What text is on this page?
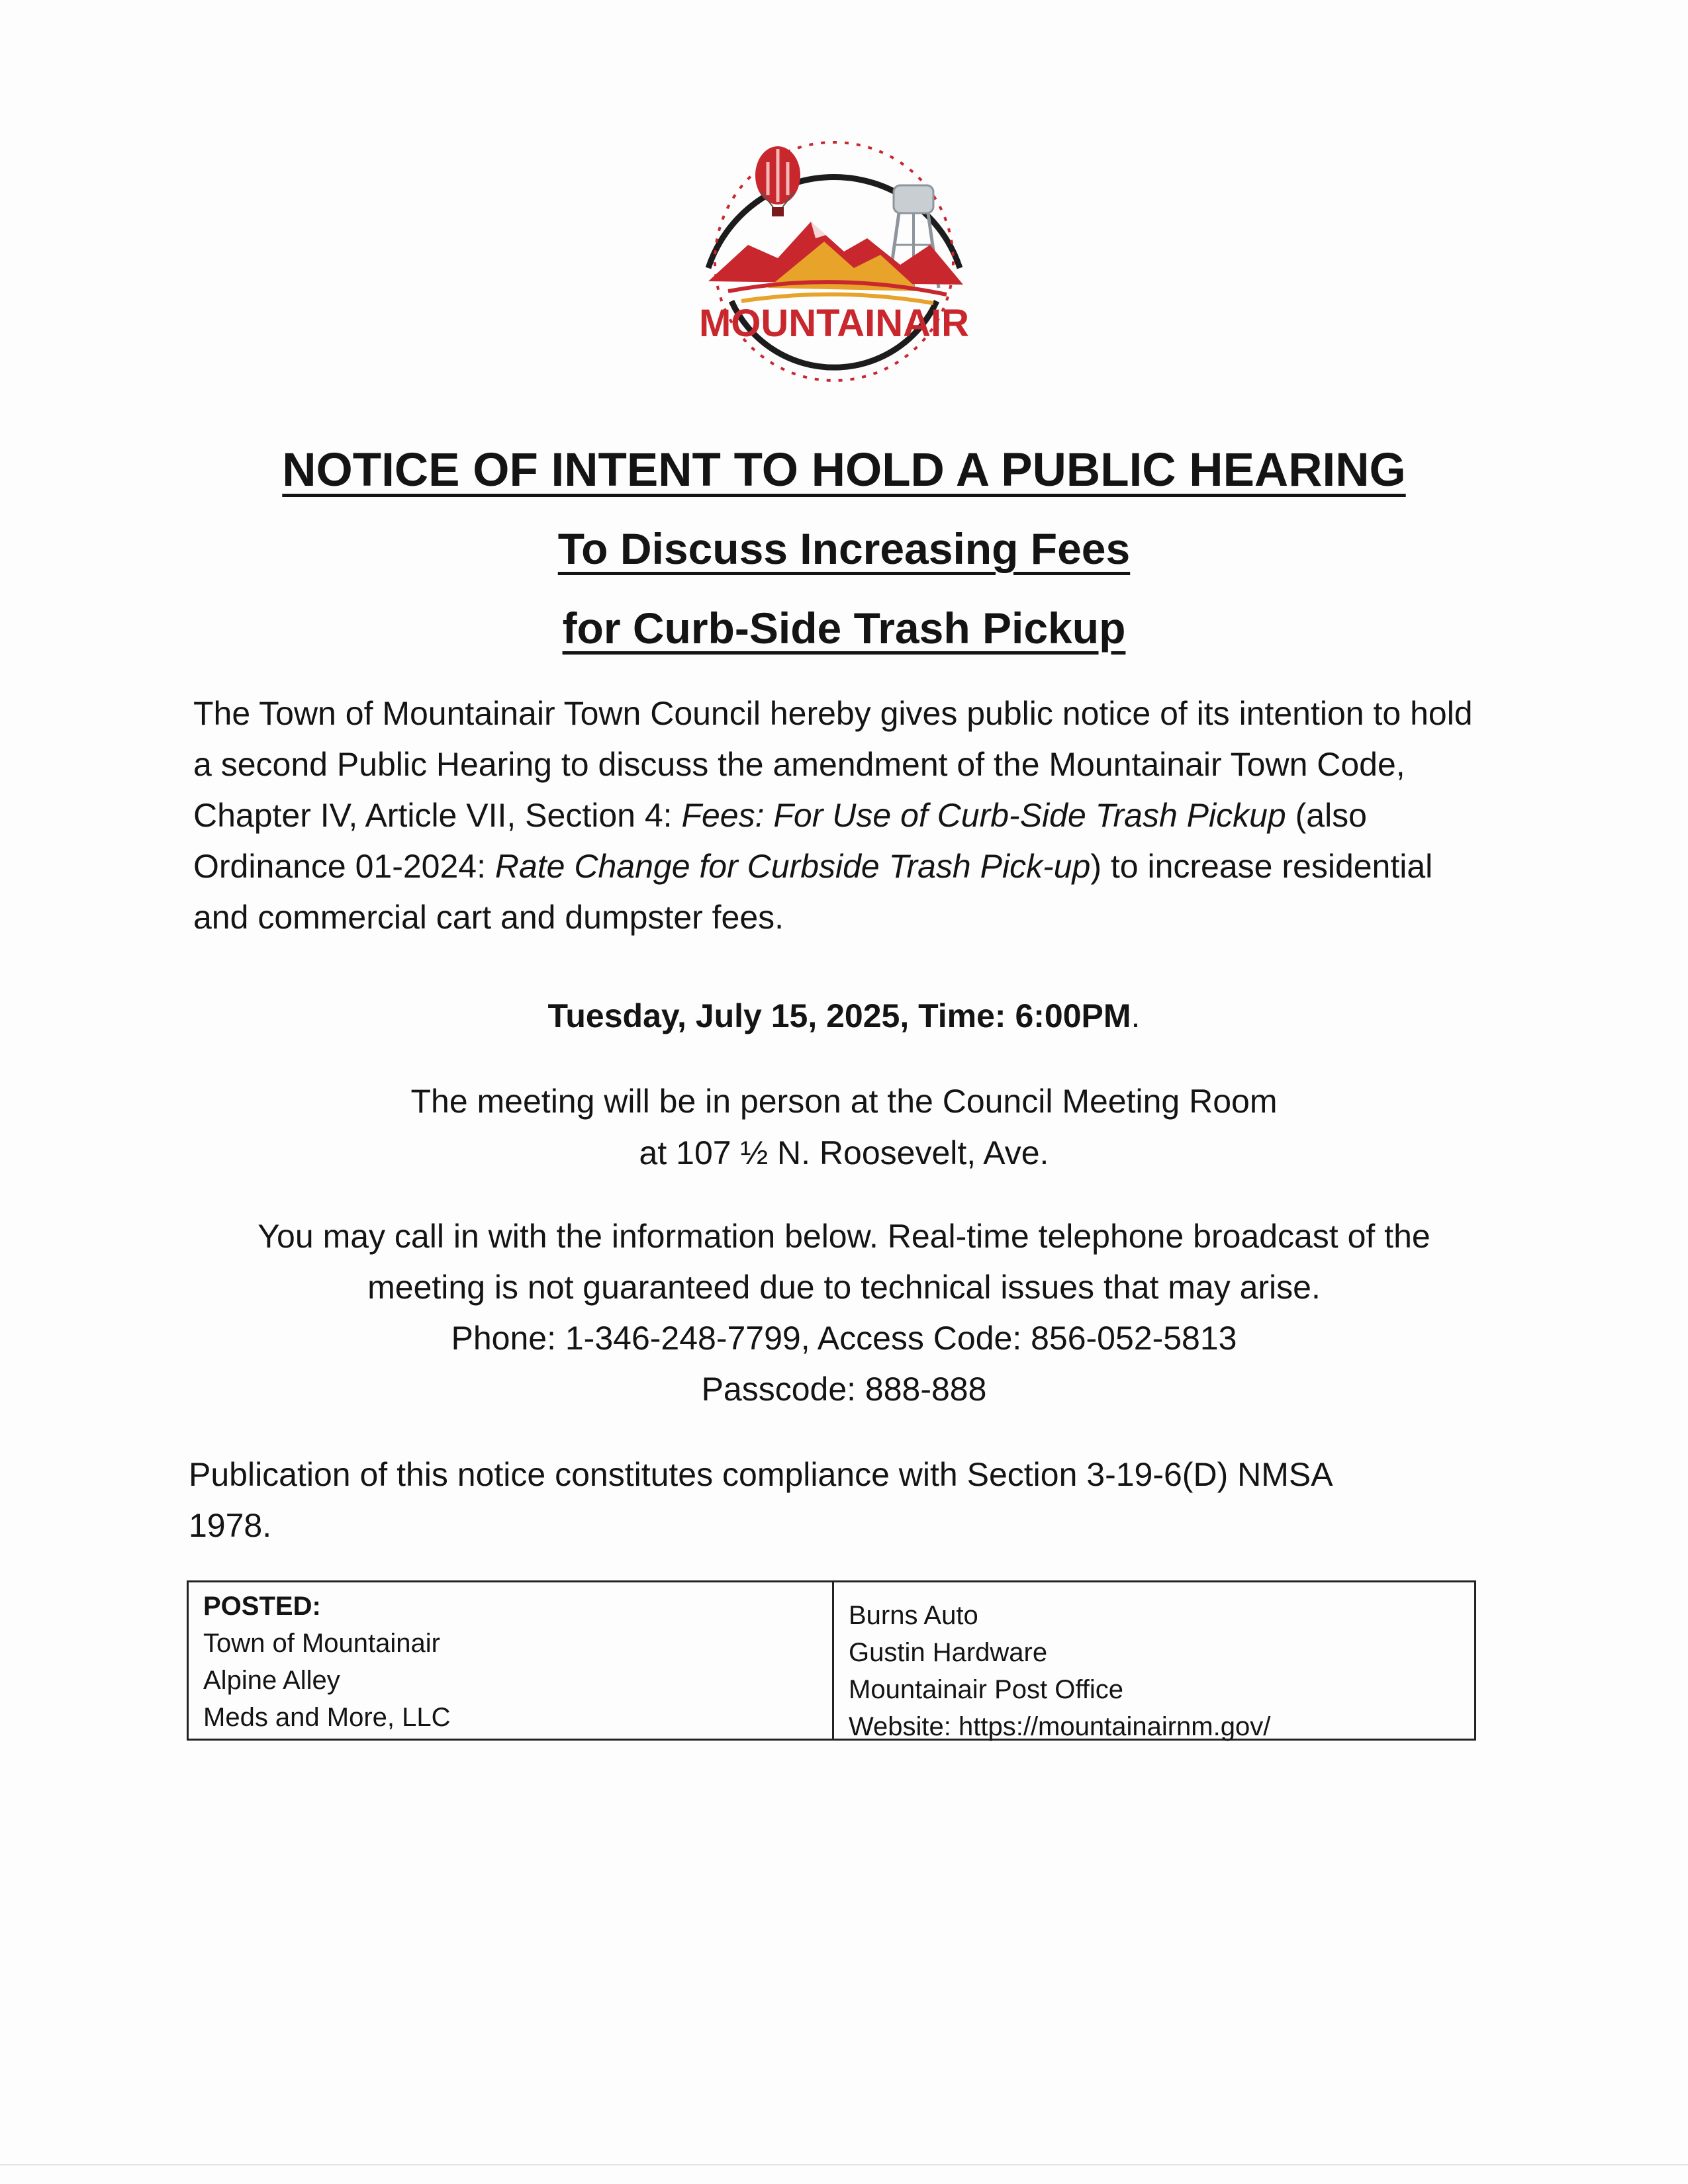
MOUNTAINAIR

NOTICE OF INTENT TO HOLD A PUBLIC HEARING

To Discuss Increasing Fees

for Curb-Side Trash Pickup

The Town of Mountainair Town Council hereby gives public notice of its intention to hold a second Public Hearing to discuss the amendment of the Mountainair Town Code, Chapter IV, Article VII, Section 4: Fees: For Use of Curb-Side Trash Pickup (also Ordinance 01-2024: Rate Change for Curbside Trash Pick-up) to increase residential and commercial cart and dumpster fees.

Tuesday, July 15, 2025, Time: 6:00PM.
The meeting will be in person at the Council Meeting Room
at 107 ½ N. Roosevelt, Ave.
You may call in with the information below. Real-time telephone broadcast of the
meeting is not guaranteed due to technical issues that may arise.
Phone: 1-346-248-7799, Access Code: 856-052-5813
Passcode: 888-888
Publication of this notice constitutes compliance with Section 3-19-6(D) NMSA
1978.
POSTED:
Town of Mountainair
Alpine Alley
Meds and More, LLC
Burns Auto
Gustin Hardware
Mountainair Post Office
Website: https://mountainairnm.gov/
